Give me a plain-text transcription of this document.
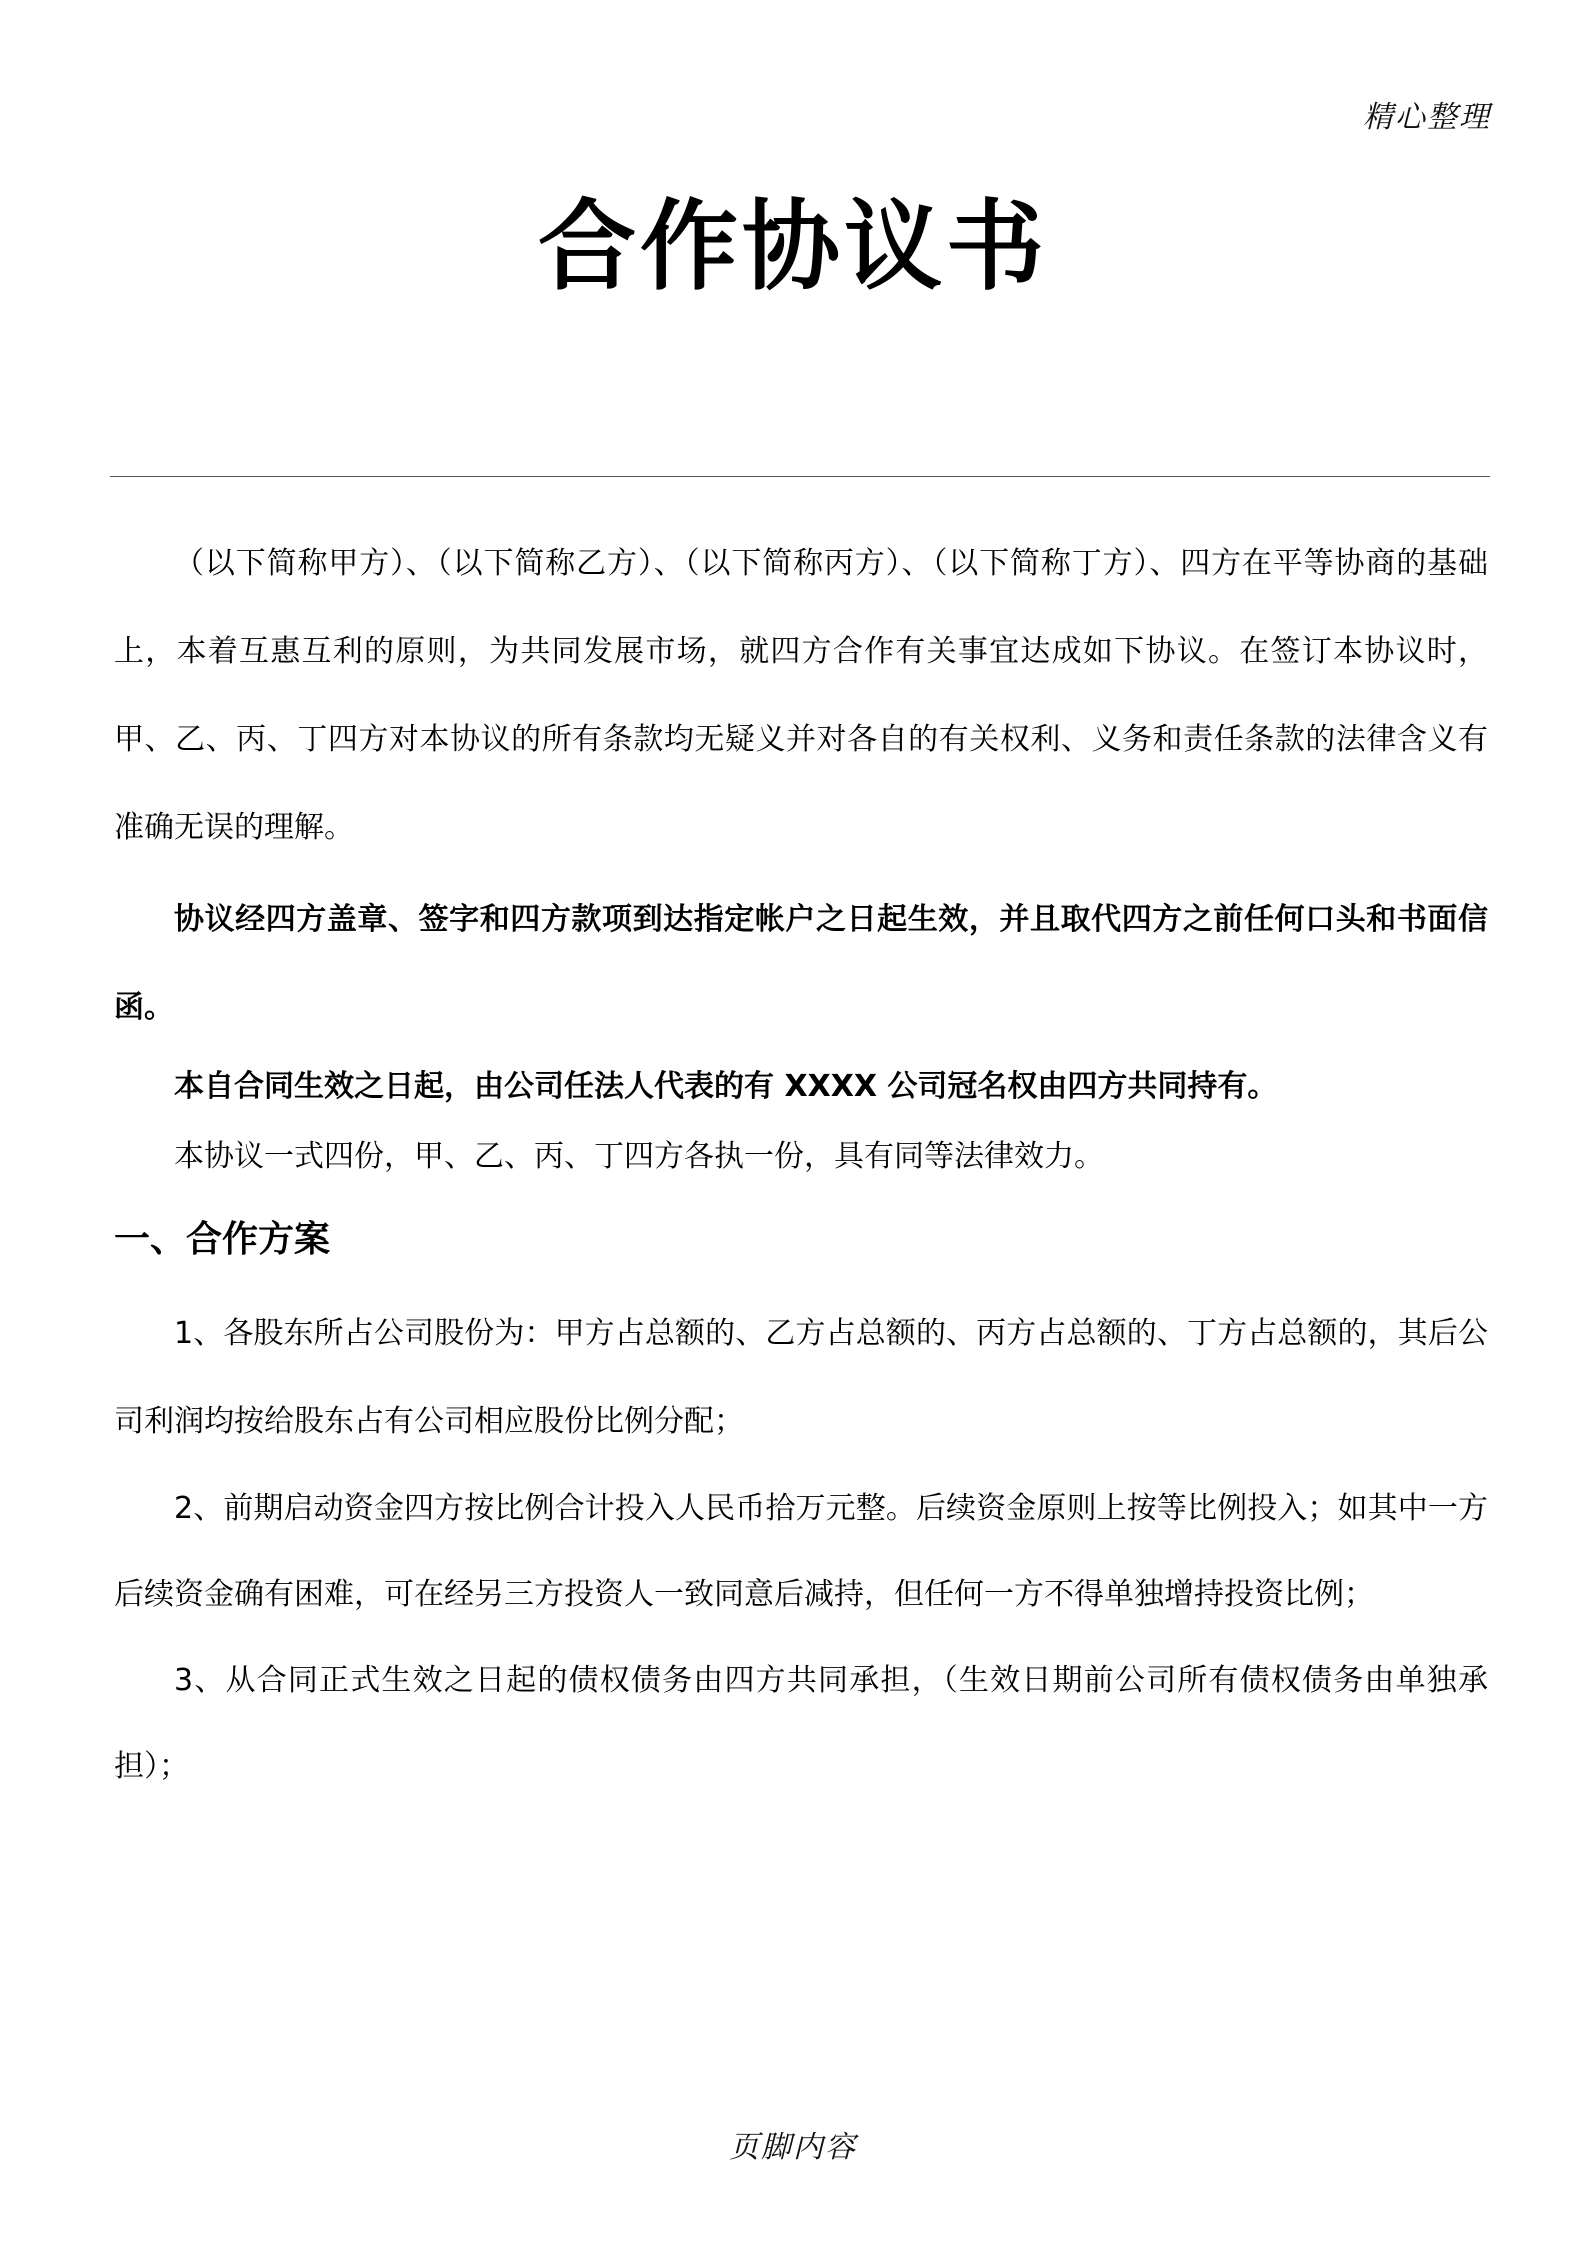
精心整理
合作协议书

（以下简称甲方）、（以下简称乙方）、（以下简称丙方）、（以下简称丁方）、四方在平等协商的基础上，本着互惠互利的原则，为共同发展市场，就四方合作有关事宜达成如下协议。在签订本协议时，甲、乙、丙、丁四方对本协议的所有条款均无疑义并对各自的有关权利、义务和责任条款的法律含义有准确无误的理解。

协议经四方盖章、签字和四方款项到达指定帐户之日起生效，并且取代四方之前任何口头和书面信函。

本自合同生效之日起，由公司任法人代表的有 XXXX 公司冠名权由四方共同持有。

本协议一式四份，甲、乙、丙、丁四方各执一份，具有同等法律效力。

一、合作方案

1、各股东所占公司股份为：甲方占总额的、乙方占总额的、丙方占总额的、丁方占总额的，其后公司利润均按给股东占有公司相应股份比例分配；

2、前期启动资金四方按比例合计投入人民币拾万元整。后续资金原则上按等比例投入；如其中一方后续资金确有困难，可在经另三方投资人一致同意后减持，但任何一方不得单独增持投资比例；

3、从合同正式生效之日起的债权债务由四方共同承担，（生效日期前公司所有债权债务由单独承担）；

页脚内容
